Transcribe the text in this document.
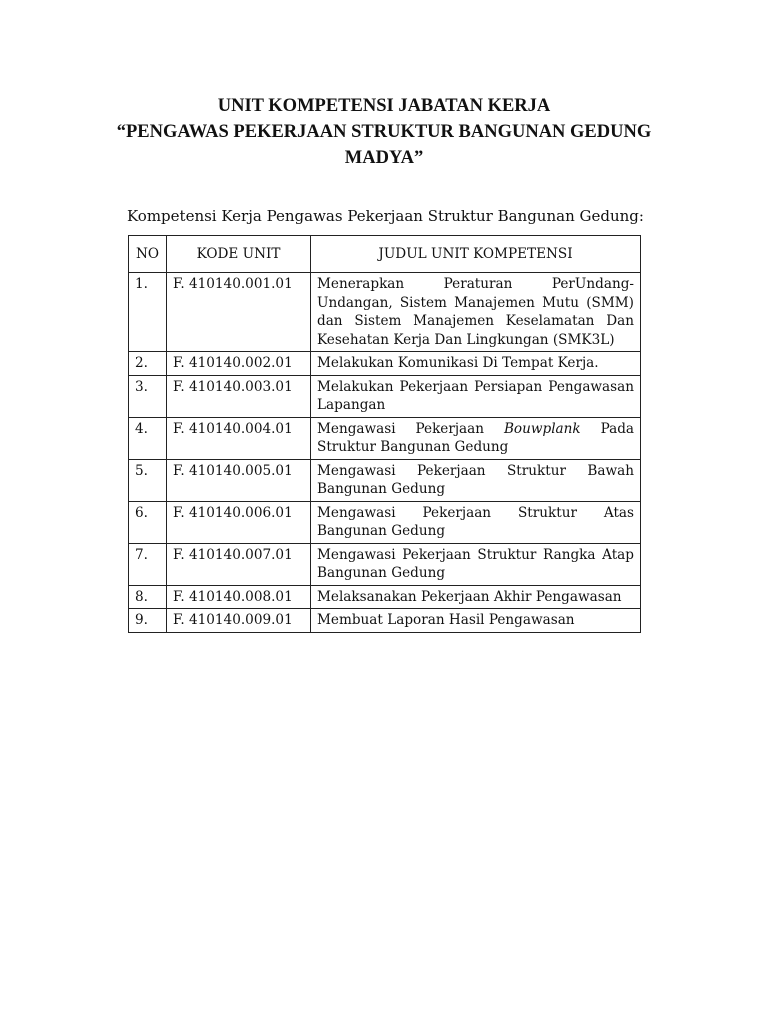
UNIT KOMPETENSI JABATAN KERJA
“PENGAWAS PEKERJAAN STRUKTUR BANGUNAN GEDUNG
MADYA”
Kompetensi Kerja Pengawas Pekerjaan Struktur Bangunan Gedung:
NO	KODE UNIT	JUDUL UNIT KOMPETENSI
1.	F. 410140.001.01	Menerapkan Peraturan PerUndang-Undangan, Sistem Manajemen Mutu (SMM) dan Sistem Manajemen Keselamatan Dan Kesehatan Kerja Dan Lingkungan (SMK3L)
2.	F. 410140.002.01	Melakukan Komunikasi Di Tempat Kerja.
3.	F. 410140.003.01	Melakukan Pekerjaan Persiapan Pengawasan Lapangan
4.	F. 410140.004.01	Mengawasi Pekerjaan Bouwplank Pada Struktur Bangunan Gedung
5.	F. 410140.005.01	Mengawasi Pekerjaan Struktur Bawah Bangunan Gedung
6.	F. 410140.006.01	Mengawasi Pekerjaan Struktur Atas Bangunan Gedung
7.	F. 410140.007.01	Mengawasi Pekerjaan Struktur Rangka Atap Bangunan Gedung
8.	F. 410140.008.01	Melaksanakan Pekerjaan Akhir Pengawasan
9.	F. 410140.009.01	Membuat Laporan Hasil Pengawasan
